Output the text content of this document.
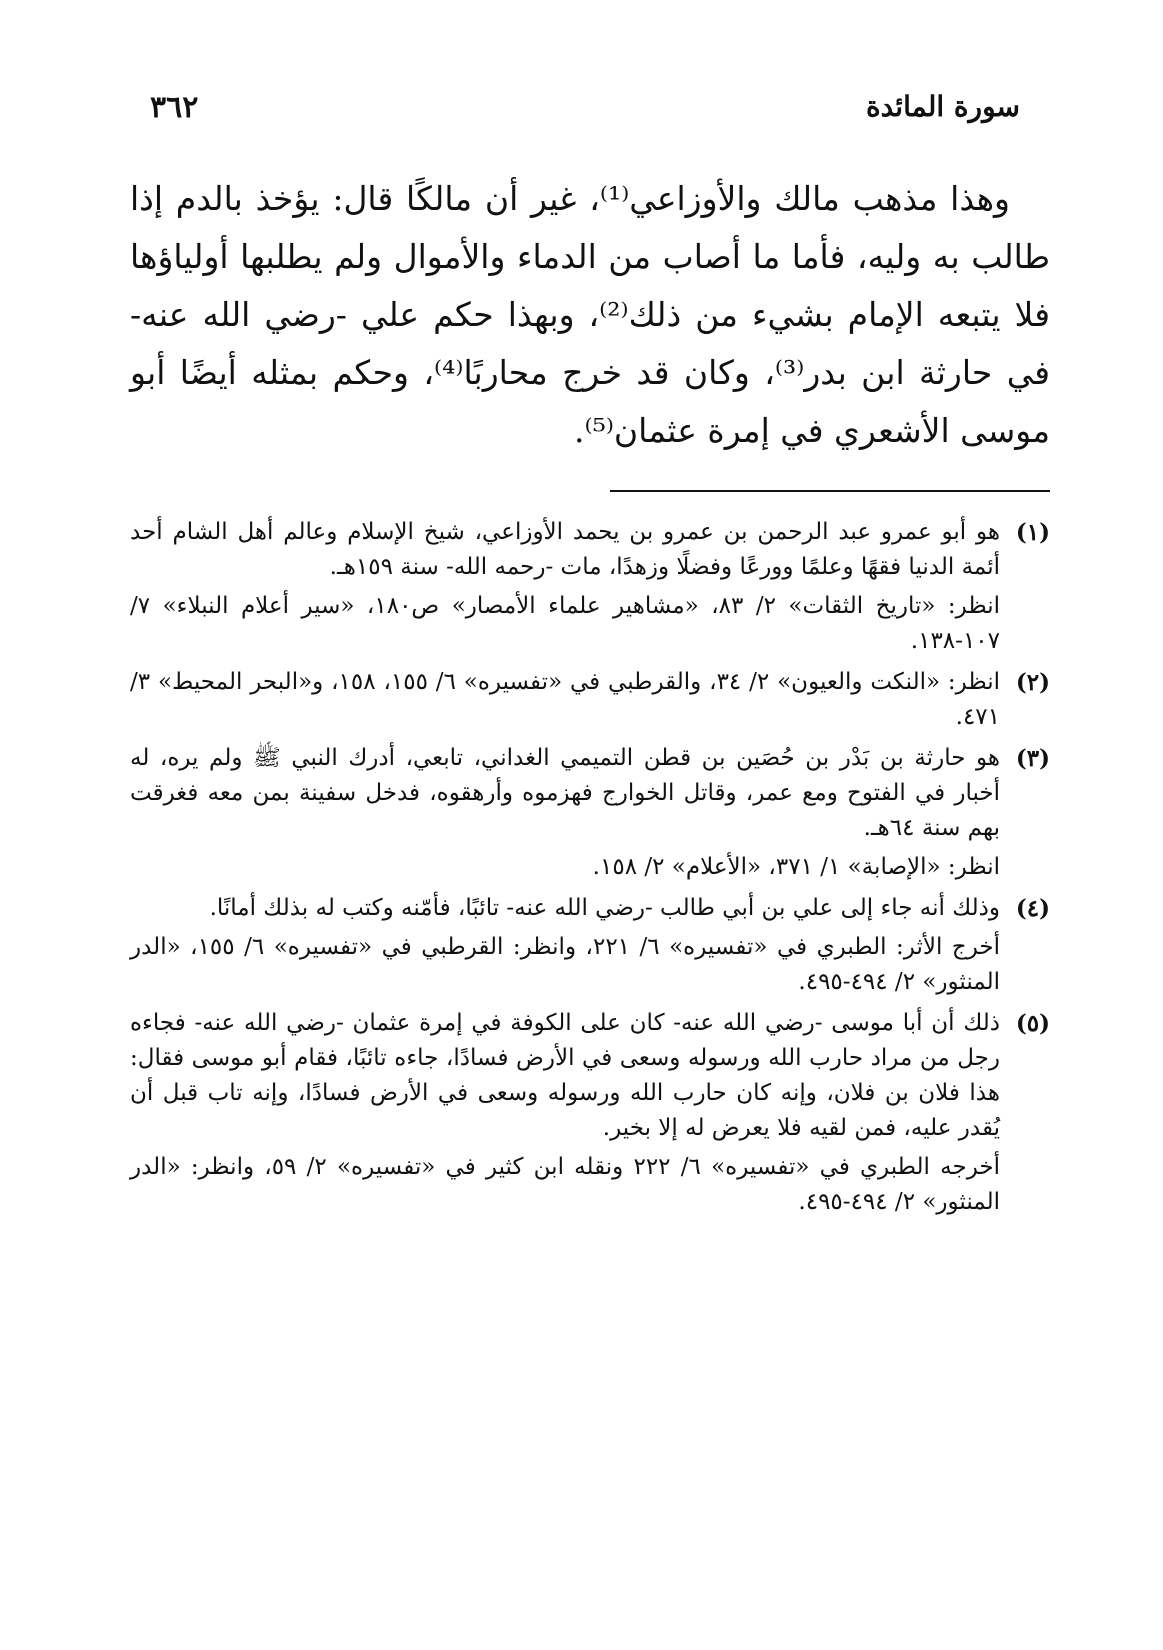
سورة المائدة
٣٦٢

وهذا مذهب مالك والأوزاعي⁽¹⁾، غير أن مالكًا قال: يؤخذ بالدم إذا طالب به وليه، فأما ما أصاب من الدماء والأموال ولم يطلبها أولياؤها فلا يتبعه الإمام بشيء من ذلك⁽²⁾، وبهذا حكم علي -رضي الله عنه- في حارثة ابن بدر⁽³⁾، وكان قد خرج محاربًا⁽⁴⁾، وحكم بمثله أيضًا أبو موسى الأشعري في إمرة عثمان⁽⁵⁾.

(١)

هو أبو عمرو عبد الرحمن بن عمرو بن يحمد الأوزاعي، شيخ الإسلام وعالم أهل الشام أحد أئمة الدنيا فقهًا وعلمًا وورعًا وفضلًا وزهدًا، مات -رحمه الله- سنة ١٥٩هـ.

انظر: «تاريخ الثقات» ٢/ ٨٣، «مشاهير علماء الأمصار» ص١٨٠، «سير أعلام النبلاء» ٧/ ١٠٧-١٣٨.

(٢)

انظر: «النكت والعيون» ٢/ ٣٤، والقرطبي في «تفسيره» ٦/ ١٥٥، ١٥٨، و«البحر المحيط» ٣/ ٤٧١.

(٣)

هو حارثة بن بَدْر بن حُصَين بن قطن التميمي الغداني، تابعي، أدرك النبي ﷺ ولم يره، له أخبار في الفتوح ومع عمر، وقاتل الخوارج فهزموه وأرهقوه، فدخل سفينة بمن معه فغرقت بهم سنة ٦٤هـ.

انظر: «الإصابة» ١/ ٣٧١، «الأعلام» ٢/ ١٥٨.

(٤)

وذلك أنه جاء إلى علي بن أبي طالب -رضي الله عنه- تائبًا، فأمّنه وكتب له بذلك أمانًا.

أخرج الأثر: الطبري في «تفسيره» ٦/ ٢٢١، وانظر: القرطبي في «تفسيره» ٦/ ١٥٥، «الدر المنثور» ٢/ ٤٩٤-٤٩٥.

(٥)

ذلك أن أبا موسى -رضي الله عنه- كان على الكوفة في إمرة عثمان -رضي الله عنه- فجاءه رجل من مراد حارب الله ورسوله وسعى في الأرض فسادًا، جاءه تائبًا، فقام أبو موسى فقال: هذا فلان بن فلان، وإنه كان حارب الله ورسوله وسعى في الأرض فسادًا، وإنه تاب قبل أن يُقدر عليه، فمن لقيه فلا يعرض له إلا بخير.

أخرجه الطبري في «تفسيره» ٦/ ٢٢٢ ونقله ابن كثير في «تفسيره» ٢/ ٥٩، وانظر: «الدر المنثور» ٢/ ٤٩٤-٤٩٥.
